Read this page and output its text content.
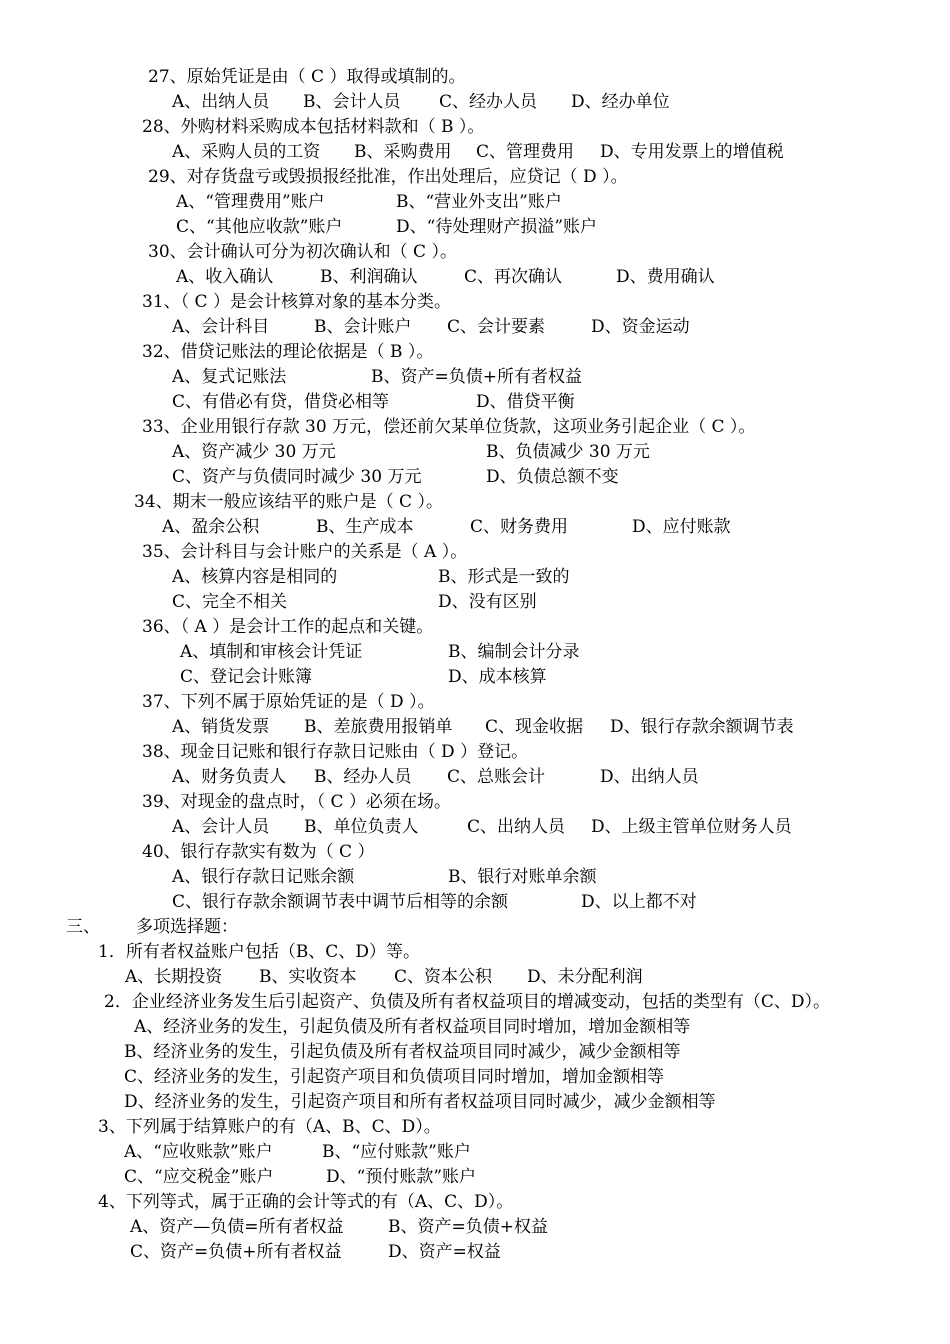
27、原始凭证是由（ C ）取得或填制的。

A、出纳人员

B、会计人员

C、经办人员

D、经办单位

28、外购材料采购成本包括材料款和（ B ）。

A、采购人员的工资

B、采购费用

C、管理费用

D、专用发票上的增值税

29、对存货盘亏或毁损报经批准，作出处理后，应贷记（ D ）。

A、“管理费用”账户

	B、“营业外支出”账户

C、“其他应收款”账户

	D、“待处理财产损溢”账户

30、会计确认可分为初次确认和（ C ）。

A、收入确认

	B、利润确认

	C、再次确认

	D、费用确认

31、（ C ）是会计核算对象的基本分类。

A、会计科目

	B、会计账户

C、会计要素

	D、资金运动

32、借贷记账法的理论依据是（ B ）。

A、复式记账法

	B、资产=负债+所有者权益

C、有借必有贷，借贷必相等

	D、借贷平衡

33、企业用银行存款 30 万元，偿还前欠某单位货款，这项业务引起企业（ C ）。

A、资产减少 30 万元

	B、负债减少 30 万元

C、资产与负债同时减少 30 万元

	D、负债总额不变

34、期末一般应该结平的账户是（ C ）。

A、盈余公积

	B、生产成本

	C、财务费用

	D、应付账款

35、会计科目与会计账户的关系是（ A ）。

A、核算内容是相同的

	B、形式是一致的

C、完全不相关

	D、没有区别

36、（ A ）是会计工作的起点和关键。

A、填制和审核会计凭证

	B、编制会计分录

C、登记会计账簿

	D、成本核算

37、下列不属于原始凭证的是（ D ）。

A、销货发票

B、差旅费用报销单

C、现金收据

D、银行存款余额调节表

38、现金日记账和银行存款日记账由（ D ）登记。

A、财务负责人

B、经办人员

C、总账会计

	D、出纳人员

39、对现金的盘点时，（ C ）必须在场。

A、会计人员

B、单位负责人

	C、出纳人员

D、上级主管单位财务人员

40、银行存款实有数为（ C ）

A、银行存款日记账余额

	B、银行对账单余额

C、银行存款余额调节表中调节后相等的余额

	D、以上都不对

三、

多项选择题：

1．所有者权益账户包括（B、C、D）等。

A、长期投资

B、实收资本

C、资本公积

D、未分配利润

2．企业经济业务发生后引起资产、负债及所有者权益项目的增减变动，包括的类型有（C、D）。

A、经济业务的发生，引起负债及所有者权益项目同时增加，增加金额相等

B、经济业务的发生，引起负债及所有者权益项目同时减少，减少金额相等

C、经济业务的发生，引起资产项目和负债项目同时增加，增加金额相等

D、经济业务的发生，引起资产项目和所有者权益项目同时减少，减少金额相等

3、下列属于结算账户的有（A、B、C、D）。

A、“应收账款”账户

	B、“应付账款”账户

C、“应交税金”账户

	D、“预付账款”账户

4、下列等式，属于正确的会计等式的有（A、C、D）。

A、资产—负债=所有者权益

	B、资产=负债+权益

C、资产=负债+所有者权益

	D、资产=权益
